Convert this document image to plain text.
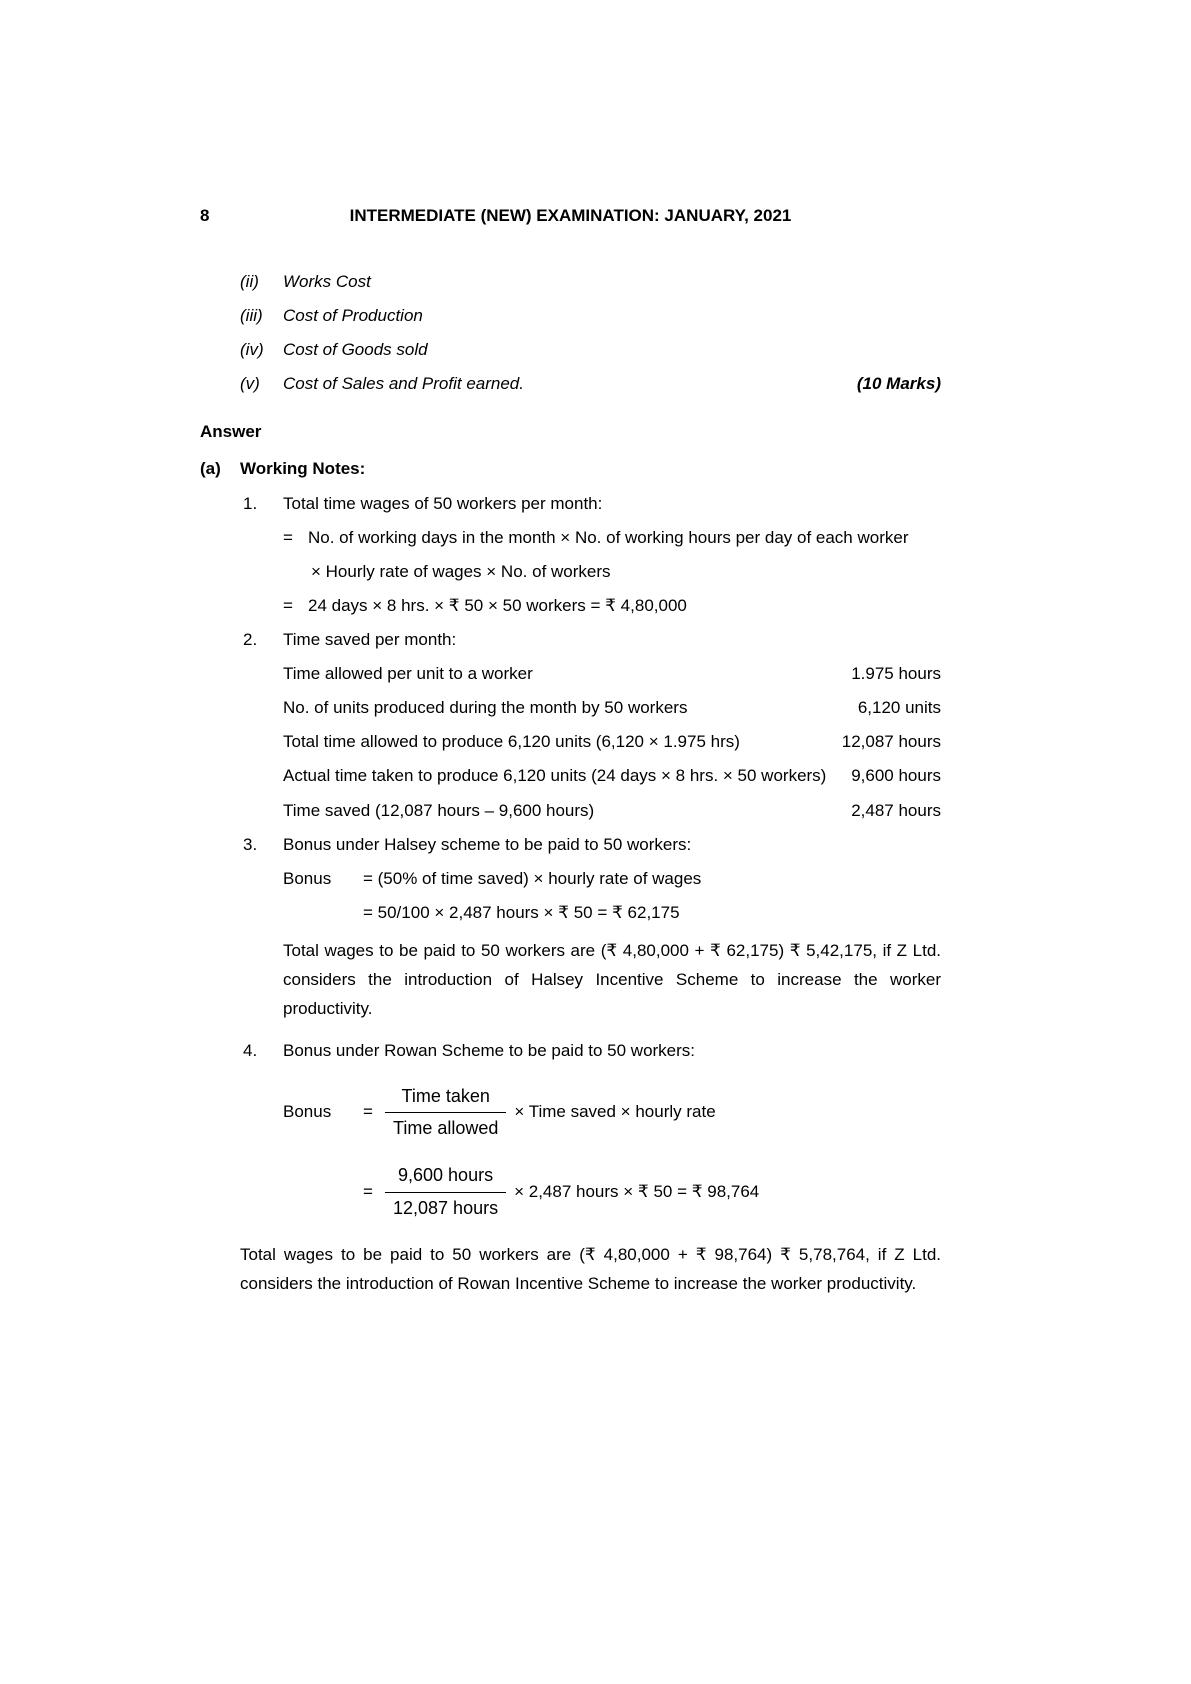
8	INTERMEDIATE (NEW) EXAMINATION: JANUARY, 2021
(ii)	Works Cost
(iii)	Cost of Production
(iv)	Cost of Goods sold
(v)	Cost of Sales and Profit earned.	(10 Marks)
Answer
(a)	Working Notes:
1.	Total time wages of 50 workers per month:
= No. of working days in the month × No. of working hours per day of each worker
× Hourly rate of wages × No. of workers
= 24 days × 8 hrs. × ₹ 50 × 50 workers = ₹ 4,80,000
2.	Time saved per month:
Time allowed per unit to a worker	1.975 hours
No. of units produced during the month by 50 workers	6,120 units
Total time allowed to produce 6,120 units (6,120 × 1.975 hrs)	12,087 hours
Actual time taken to produce 6,120 units (24 days × 8 hrs. × 50 workers)	9,600 hours
Time saved (12,087 hours – 9,600 hours)	2,487 hours
3.	Bonus under Halsey scheme to be paid to 50 workers:
Bonus	= (50% of time saved) × hourly rate of wages
= 50/100 × 2,487 hours × ₹ 50 = ₹ 62,175
Total wages to be paid to 50 workers are (₹ 4,80,000 + ₹ 62,175) ₹ 5,42,175, if Z Ltd. considers the introduction of Halsey Incentive Scheme to increase the worker productivity.
4.	Bonus under Rowan Scheme to be paid to 50 workers:
Bonus	= $\frac{\text{Time taken}}{\text{Time allowed}}$ × Time saved × hourly rate
= $\frac{\text{9,600 hours}}{\text{12,087 hours}} \times 2,487$ hours × ₹ 50 = ₹ 98,764
Total wages to be paid to 50 workers are (₹ 4,80,000 + ₹ 98,764) ₹ 5,78,764, if Z Ltd. considers the introduction of Rowan Incentive Scheme to increase the worker productivity.
